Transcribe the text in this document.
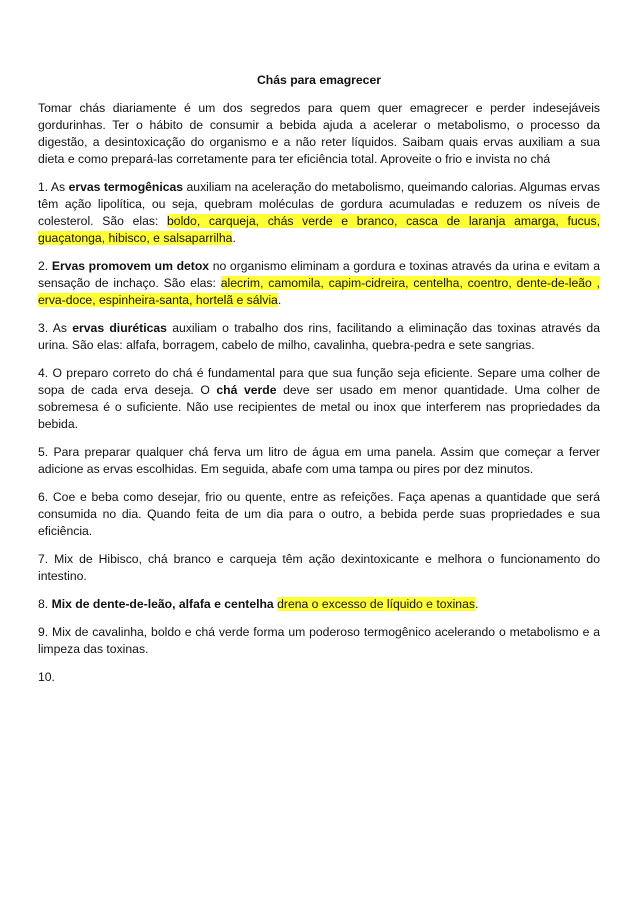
Chás para emagrecer

Tomar chás diariamente é um dos segredos para quem quer emagrecer e perder indesejáveis gordurinhas. Ter o hábito de consumir a bebida ajuda a acelerar o metabolismo, o processo da digestão, a desintoxicação do organismo e a não reter líquidos. Saibam quais ervas auxiliam a sua dieta e como prepará-las corretamente para ter eficiência total. Aproveite o frio e invista no chá

1. As ervas termogênicas auxiliam na aceleração do metabolismo, queimando calorias. Algumas ervas têm ação lipolítica, ou seja, quebram moléculas de gordura acumuladas e reduzem os níveis de colesterol. São elas: boldo, carqueja, chás verde e branco, casca de laranja amarga, fucus, guaçatonga, hibisco, e salsaparrilha.

2. Ervas promovem um detox no organismo eliminam a gordura e toxinas através da urina e evitam a sensação de inchaço. São elas: alecrim, camomila, capim-cidreira, centelha, coentro, dente-de-leão , erva-doce, espinheira-santa, hortelã e sálvia.

3. As ervas diuréticas auxiliam o trabalho dos rins, facilitando a eliminação das toxinas através da urina. São elas: alfafa, borragem, cabelo de milho, cavalinha, quebra-pedra e sete sangrias.

4. O preparo correto do chá é fundamental para que sua função seja eficiente. Separe uma colher de sopa de cada erva deseja. O chá verde deve ser usado em menor quantidade. Uma colher de sobremesa é o suficiente. Não use recipientes de metal ou inox que interferem nas propriedades da bebida.

5. Para preparar qualquer chá ferva um litro de água em uma panela. Assim que começar a ferver adicione as ervas escolhidas. Em seguida, abafe com uma tampa ou pires por dez minutos.

6. Coe e beba como desejar, frio ou quente, entre as refeições. Faça apenas a quantidade que será consumida no dia. Quando feita de um dia para o outro, a bebida perde suas propriedades e sua eficiência.

7. Mix de Hibisco, chá branco e carqueja têm ação dexintoxicante e melhora o funcionamento do intestino.

8. Mix de dente-de-leão, alfafa e centelha drena o excesso de líquido e toxinas.

9. Mix de cavalinha, boldo e chá verde forma um poderoso termogênico acelerando o metabolismo e a limpeza das toxinas.

10.
